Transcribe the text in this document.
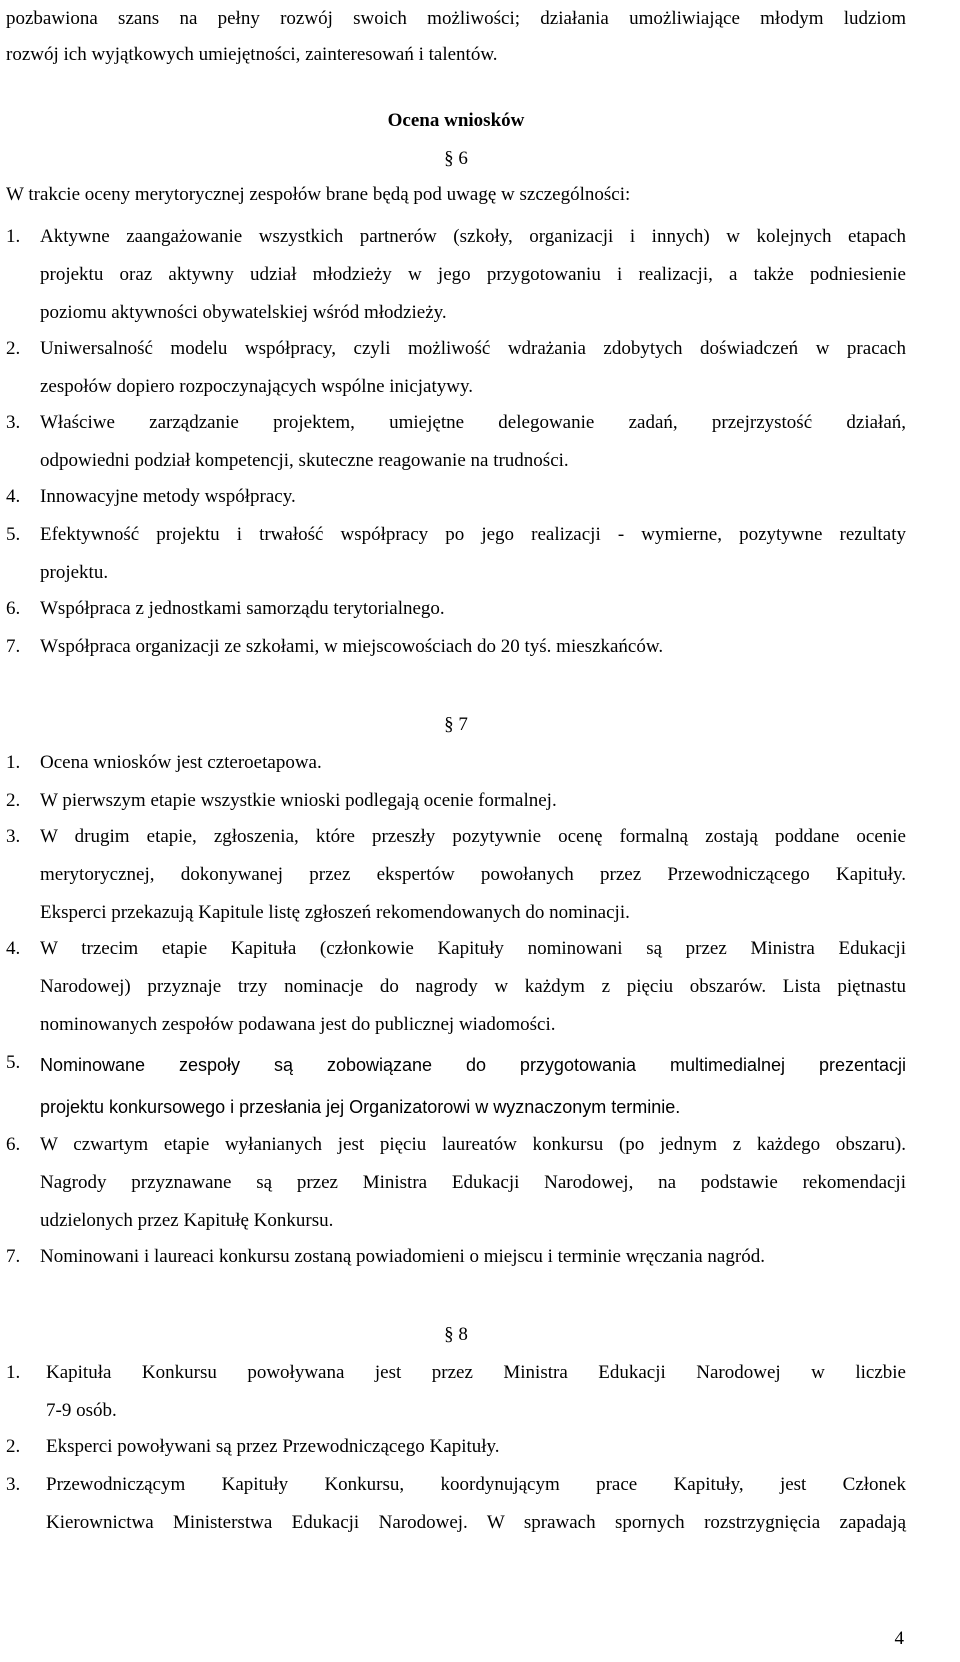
pozbawiona szans na pełny rozwój swoich możliwości; działania umożliwiające młodym ludziom
rozwój ich wyjątkowych umiejętności, zainteresowań i talentów.
Ocena wniosków
§ 6
W trakcie oceny merytorycznej zespołów brane będą pod uwagę w szczególności:
1. Aktywne zaangażowanie wszystkich partnerów (szkoły, organizacji i innych) w kolejnych etapach
projektu oraz aktywny udział młodzieży w jego przygotowaniu i realizacji, a także podniesienie
poziomu aktywności obywatelskiej wśród młodzieży.
2. Uniwersalność modelu współpracy, czyli możliwość wdrażania zdobytych doświadczeń w pracach
zespołów dopiero rozpoczynających wspólne inicjatywy.
3. Właściwe zarządzanie projektem, umiejętne delegowanie zadań, przejrzystość działań,
odpowiedni podział kompetencji, skuteczne reagowanie na trudności.
4. Innowacyjne metody współpracy.
5. Efektywność projektu i trwałość współpracy po jego realizacji - wymierne, pozytywne rezultaty
projektu.
6. Współpraca z jednostkami samorządu terytorialnego.
7. Współpraca organizacji ze szkołami, w miejscowościach do 20 tyś. mieszkańców.
§ 7
1. Ocena wniosków jest czteroetapowa.
2. W pierwszym etapie wszystkie wnioski podlegają ocenie formalnej.
3. W drugim etapie, zgłoszenia, które przeszły pozytywnie ocenę formalną zostają poddane ocenie
merytorycznej, dokonywanej przez ekspertów powołanych przez Przewodniczącego Kapituły.
Eksperci przekazują Kapitule listę zgłoszeń rekomendowanych do nominacji.
4. W trzecim etapie Kapituła (członkowie Kapituły nominowani są przez Ministra Edukacji
Narodowej) przyznaje trzy nominacje do nagrody w każdym z pięciu obszarów. Lista piętnastu
nominowanych zespołów podawana jest do publicznej wiadomości.
5. Nominowane zespoły są zobowiązane do przygotowania multimedialnej prezentacji
projektu konkursowego i przesłania jej Organizatorowi w wyznaczonym terminie.
6. W czwartym etapie wyłanianych jest pięciu laureatów konkursu (po jednym z każdego obszaru).
Nagrody przyznawane są przez Ministra Edukacji Narodowej, na podstawie rekomendacji
udzielonych przez Kapitułę Konkursu.
7. Nominowani i laureaci konkursu zostaną powiadomieni o miejscu i terminie wręczania nagród.
§ 8
1. Kapituła Konkursu powoływana jest przez Ministra Edukacji Narodowej w liczbie
7-9 osób.
2. Eksperci powoływani są przez Przewodniczącego Kapituły.
3. Przewodniczącym Kapituły Konkursu, koordynującym prace Kapituły, jest Członek
Kierownictwa Ministerstwa Edukacji Narodowej. W sprawach spornych rozstrzygnięcia zapadają
4
